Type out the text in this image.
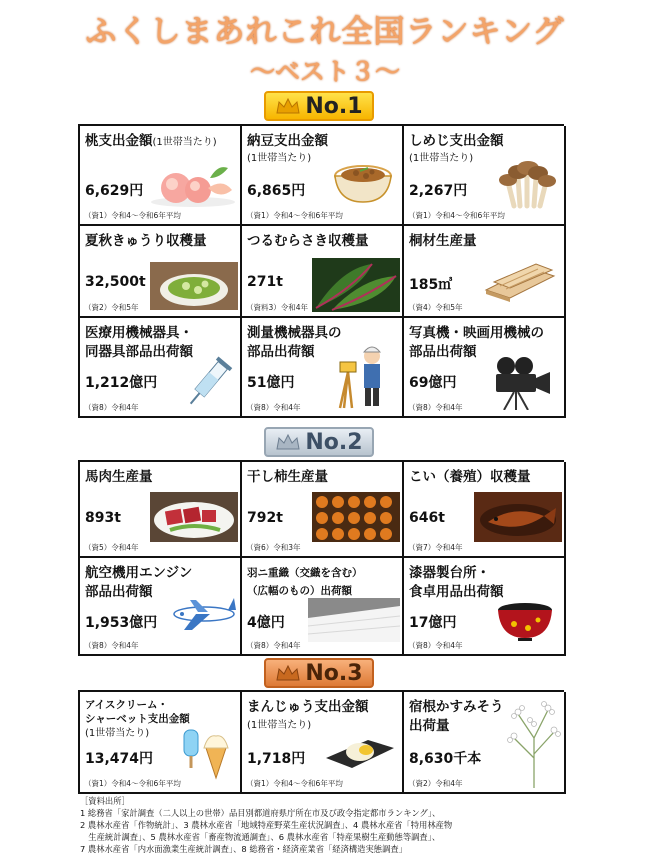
ふくしまあれこれ全国ランキング
～ベスト３～
No.1
桃支出金額(1世帯当たり)
6,629円
（資1）令和4～令和6年平均
納豆支出金額
(1世帯当たり)
6,865円
（資1）令和4～令和6年平均
しめじ支出金額
(1世帯当たり)
2,267円
（資1）令和4～令和6年平均
夏秋きゅうり収穫量
32,500t
（資2）令和5年
つるむらさき収穫量
271t
（資料3）令和4年
桐材生産量
185㎥
（資4）令和5年
医療用機械器具・
同器具部品出荷額
1,212億円
（資8）令和4年
測量機械器具の
部品出荷額
51億円
（資8）令和4年
写真機・映画用機械の
部品出荷額
69億円
（資8）令和4年
No.2
馬肉生産量
893t
（資5）令和4年
干し柿生産量
792t
（資6）令和3年
こい（養殖）収穫量
646t
（資7）令和4年
航空機用エンジン
部品出荷額
1,953億円
（資8）令和4年
羽ニ重織（交織を含む）
（広幅のもの）出荷額
4億円
（資8）令和4年
漆器製台所・
食卓用品出荷額
17億円
（資8）令和4年
No.3
アイスクリーム・
シャーベット支出金額
(1世帯当たり)
13,474円
（資1）令和4～令和6年平均
まんじゅう支出金額
(1世帯当たり)
1,718円
（資1）令和4～令和6年平均
宿根かすみそう
出荷量
8,630千本
（資2）令和4年
［資料出所］
1 総務省「家計調査（二人以上の世帯）品目別都道府県庁所在市及び政令指定都市ランキング」、
2 農林水産省「作物統計」、3 農林水産省「地域特産野菜生産状況調査」、4 農林水産省「特用林産物
　生産統計調査」、5 農林水産省「畜産物流通調査」、6 農林水産省「特産果樹生産動態等調査」、
7 農林水産省「内水面漁業生産統計調査」、8 総務省・経済産業省「経済構造実態調査」
